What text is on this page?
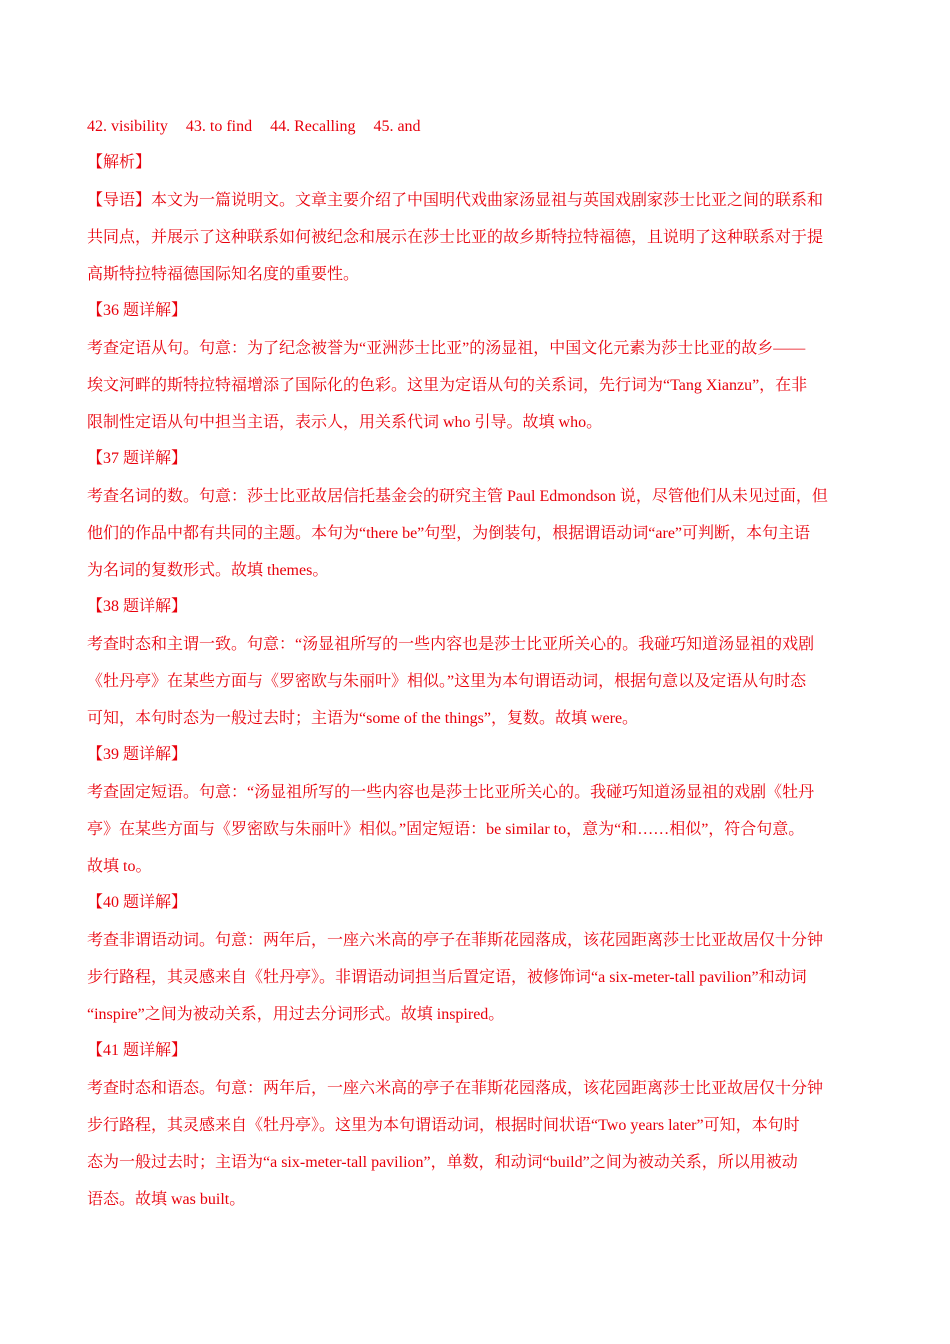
42. visibility 43. to find 44. Recalling 45. and

【解析】

【导语】本文为一篇说明文。文章主要介绍了中国明代戏曲家汤显祖与英国戏剧家莎士比亚之间的联系和

共同点，并展示了这种联系如何被纪念和展示在莎士比亚的故乡斯特拉特福德，且说明了这种联系对于提

高斯特拉特福德国际知名度的重要性。

【36 题详解】

考查定语从句。句意：为了纪念被誉为“亚洲莎士比亚”的汤显祖，中国文化元素为莎士比亚的故乡——

埃文河畔的斯特拉特福增添了国际化的色彩。这里为定语从句的关系词，先行词为“Tang Xianzu”，在非

限制性定语从句中担当主语，表示人，用关系代词 who 引导。故填 who。

【37 题详解】

考查名词的数。句意：莎士比亚故居信托基金会的研究主管 Paul Edmondson 说，尽管他们从未见过面，但

他们的作品中都有共同的主题。本句为“there be”句型，为倒装句，根据谓语动词“are”可判断，本句主语

为名词的复数形式。故填 themes。

【38 题详解】

考查时态和主谓一致。句意：“汤显祖所写的一些内容也是莎士比亚所关心的。我碰巧知道汤显祖的戏剧

《牡丹亭》在某些方面与《罗密欧与朱丽叶》相似。”这里为本句谓语动词，根据句意以及定语从句时态

可知，本句时态为一般过去时；主语为“some of the things”，复数。故填 were。

【39 题详解】

考查固定短语。句意：“汤显祖所写的一些内容也是莎士比亚所关心的。我碰巧知道汤显祖的戏剧《牡丹

亭》在某些方面与《罗密欧与朱丽叶》相似。”固定短语：be similar to，意为“和……相似”，符合句意。

故填 to。

【40 题详解】

考查非谓语动词。句意：两年后，一座六米高的亭子在菲斯花园落成，该花园距离莎士比亚故居仅十分钟

步行路程，其灵感来自《牡丹亭》。非谓语动词担当后置定语，被修饰词“a six-meter-tall pavilion”和动词

“inspire”之间为被动关系，用过去分词形式。故填 inspired。

【41 题详解】

考查时态和语态。句意：两年后，一座六米高的亭子在菲斯花园落成，该花园距离莎士比亚故居仅十分钟

步行路程，其灵感来自《牡丹亭》。这里为本句谓语动词，根据时间状语“Two years later”可知，本句时

态为一般过去时；主语为“a six-meter-tall pavilion”，单数，和动词“build”之间为被动关系，所以用被动

语态。故填 was built。
